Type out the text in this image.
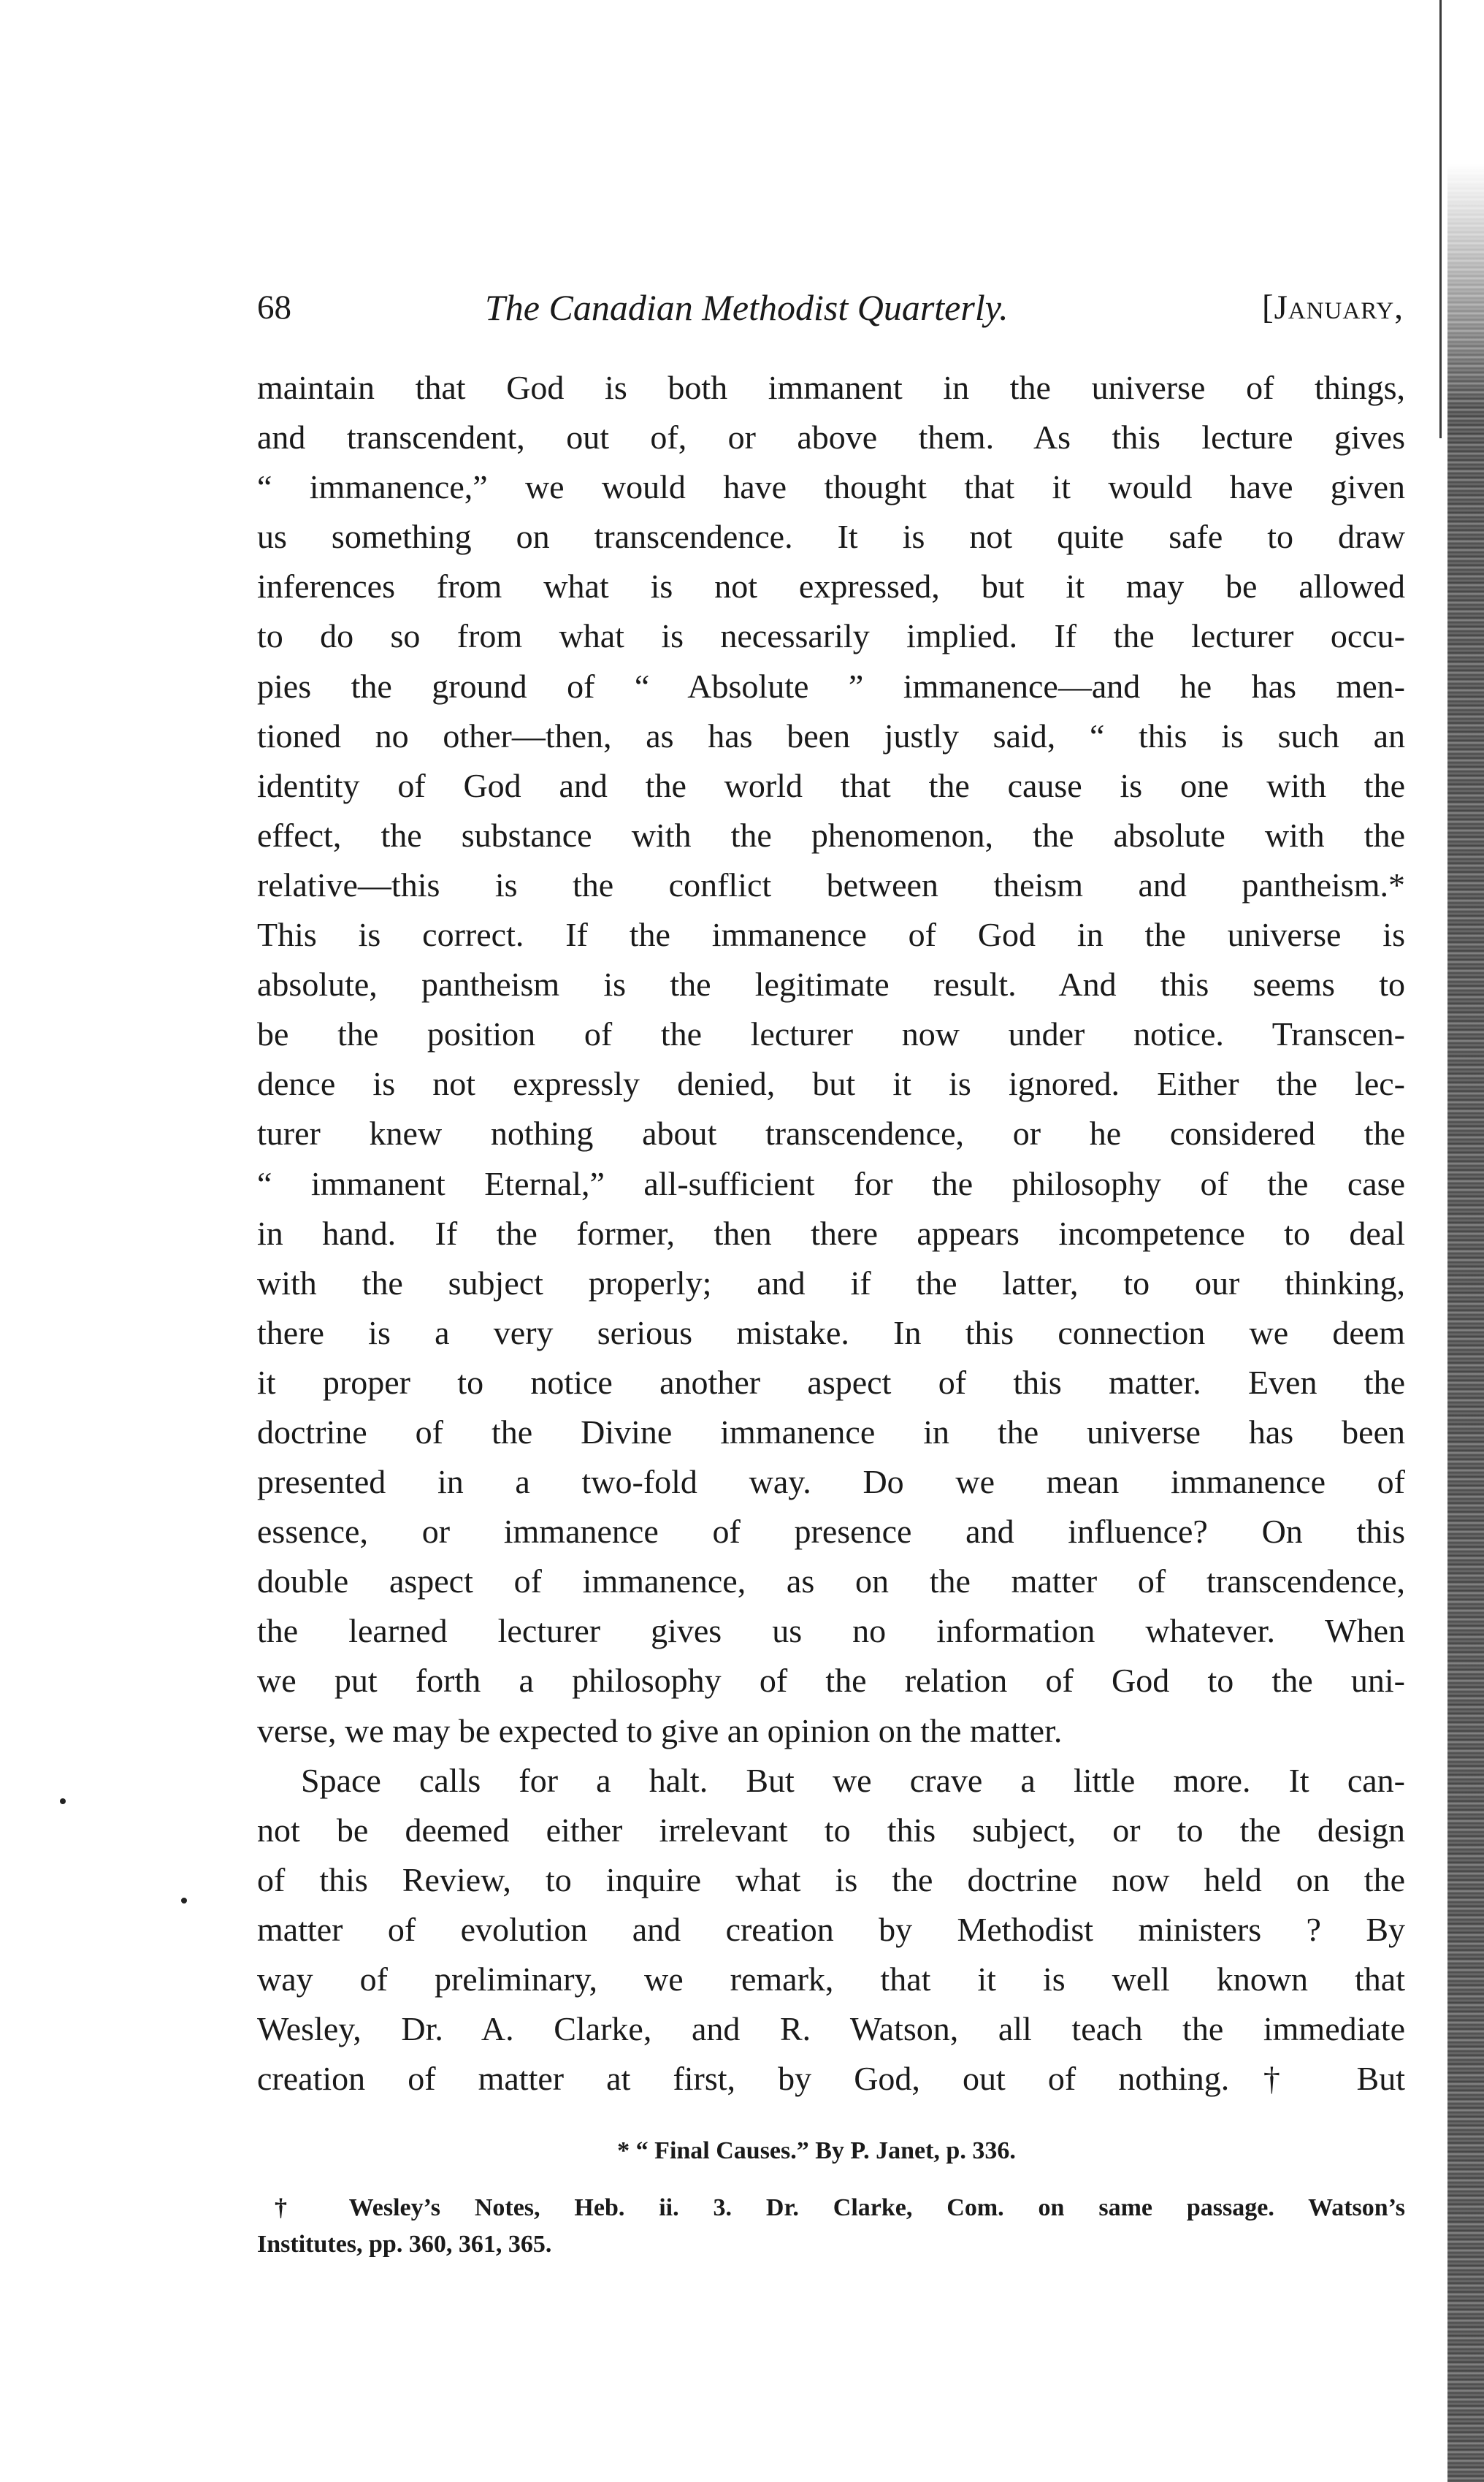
68	The Canadian Methodist Quarterly.	[January,
maintain that God is both immanent in the universe of things,
and transcendent, out of, or above them. As this lecture gives
“ immanence,” we would have thought that it would have given
us something on transcendence. It is not quite safe to draw
inferences from what is not expressed, but it may be allowed
to do so from what is necessarily implied. If the lecturer occu-
pies the ground of “ Absolute ” immanence—and he has men-
tioned no other—then, as has been justly said, “ this is such an
identity of God and the world that the cause is one with the
effect, the substance with the phenomenon, the absolute with the
relative—this is the conflict between theism and pantheism.*
This is correct. If the immanence of God in the universe is
absolute, pantheism is the legitimate result. And this seems to
be the position of the lecturer now under notice. Transcen-
dence is not expressly denied, but it is ignored. Either the lec-
turer knew nothing about transcendence, or he considered the
“ immanent Eternal,” all-sufficient for the philosophy of the case
in hand. If the former, then there appears incompetence to deal
with the subject properly; and if the latter, to our thinking,
there is a very serious mistake. In this connection we deem
it proper to notice another aspect of this matter. Even the
doctrine of the Divine immanence in the universe has been
presented in a two-fold way. Do we mean immanence of
essence, or immanence of presence and influence? On this
double aspect of immanence, as on the matter of transcendence,
the learned lecturer gives us no information whatever. When
we put forth a philosophy of the relation of God to the uni-
verse, we may be expected to give an opinion on the matter.
Space calls for a halt. But we crave a little more. It can-
not be deemed either irrelevant to this subject, or to the design
of this Review, to inquire what is the doctrine now held on the
matter of evolution and creation by Methodist ministers ? By
way of preliminary, we remark, that it is well known that
Wesley, Dr. A. Clarke, and R. Watson, all teach the immediate
creation of matter at first, by God, out of nothing.† But
* “ Final Causes.” By P. Janet, p. 336.
† Wesley’s Notes, Heb. ii. 3. Dr. Clarke, Com. on same passage. Watson’s
Institutes, pp. 360, 361, 365.
